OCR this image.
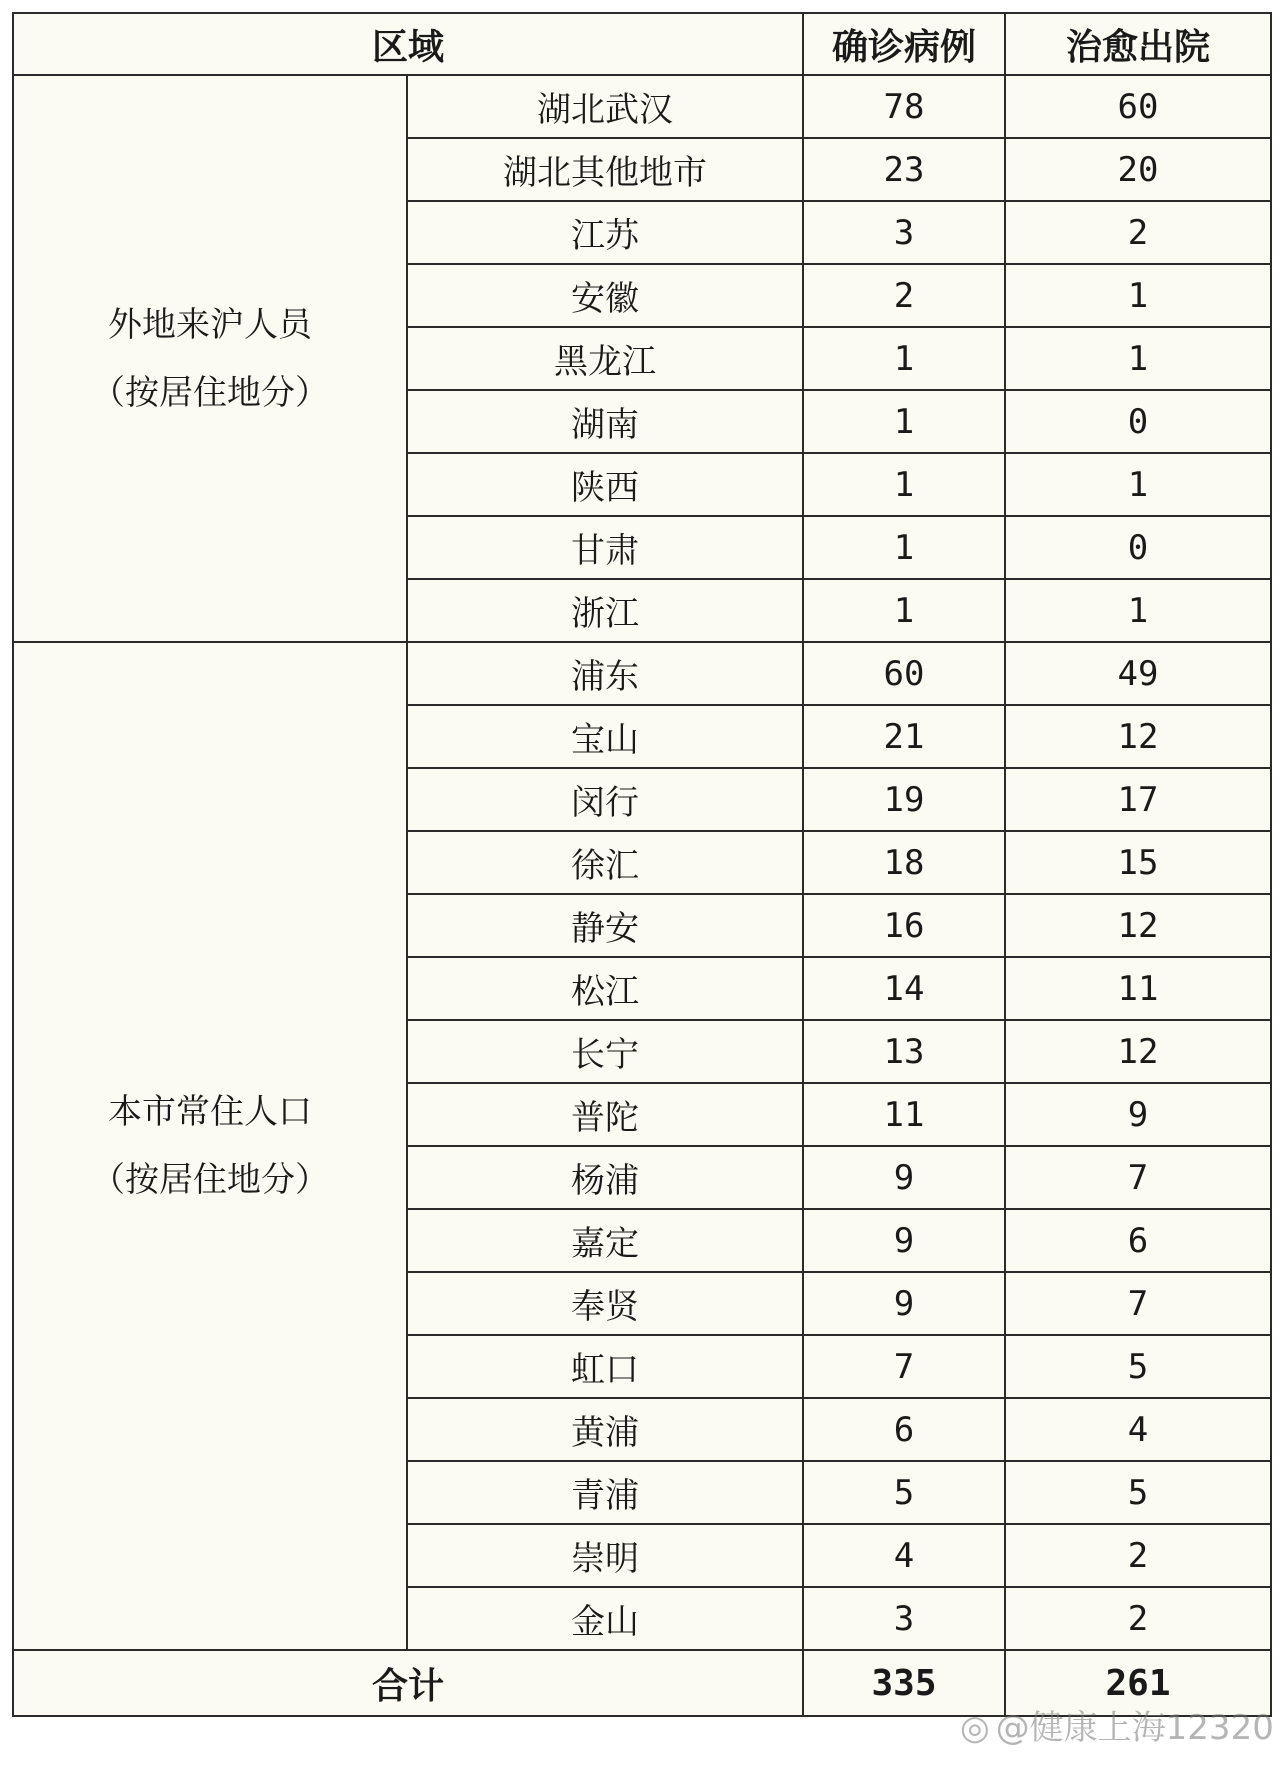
区域		确诊病例	治愈出院

外地来沪人员
（按居住地分）	湖北武汉	78	60
	湖北其他地市	23	20
	江苏	3	2
	安徽	2	1
	黑龙江	1	1
	湖南	1	0
	陕西	1	1
	甘肃	1	0
	浙江	1	1

本市常住人口
（按居住地分）	浦东	60	49
	宝山	21	12
	闵行	19	17
	徐汇	18	15
	静安	16	12
	松江	14	11
	长宁	13	12
	普陀	11	9
	杨浦	9	7
	嘉定	9	6
	奉贤	9	7
	虹口	7	5
	黄浦	6	4
	青浦	5	5
	崇明	4	2
	金山	3	2
合计		335	261
◎ @健康上海12320
